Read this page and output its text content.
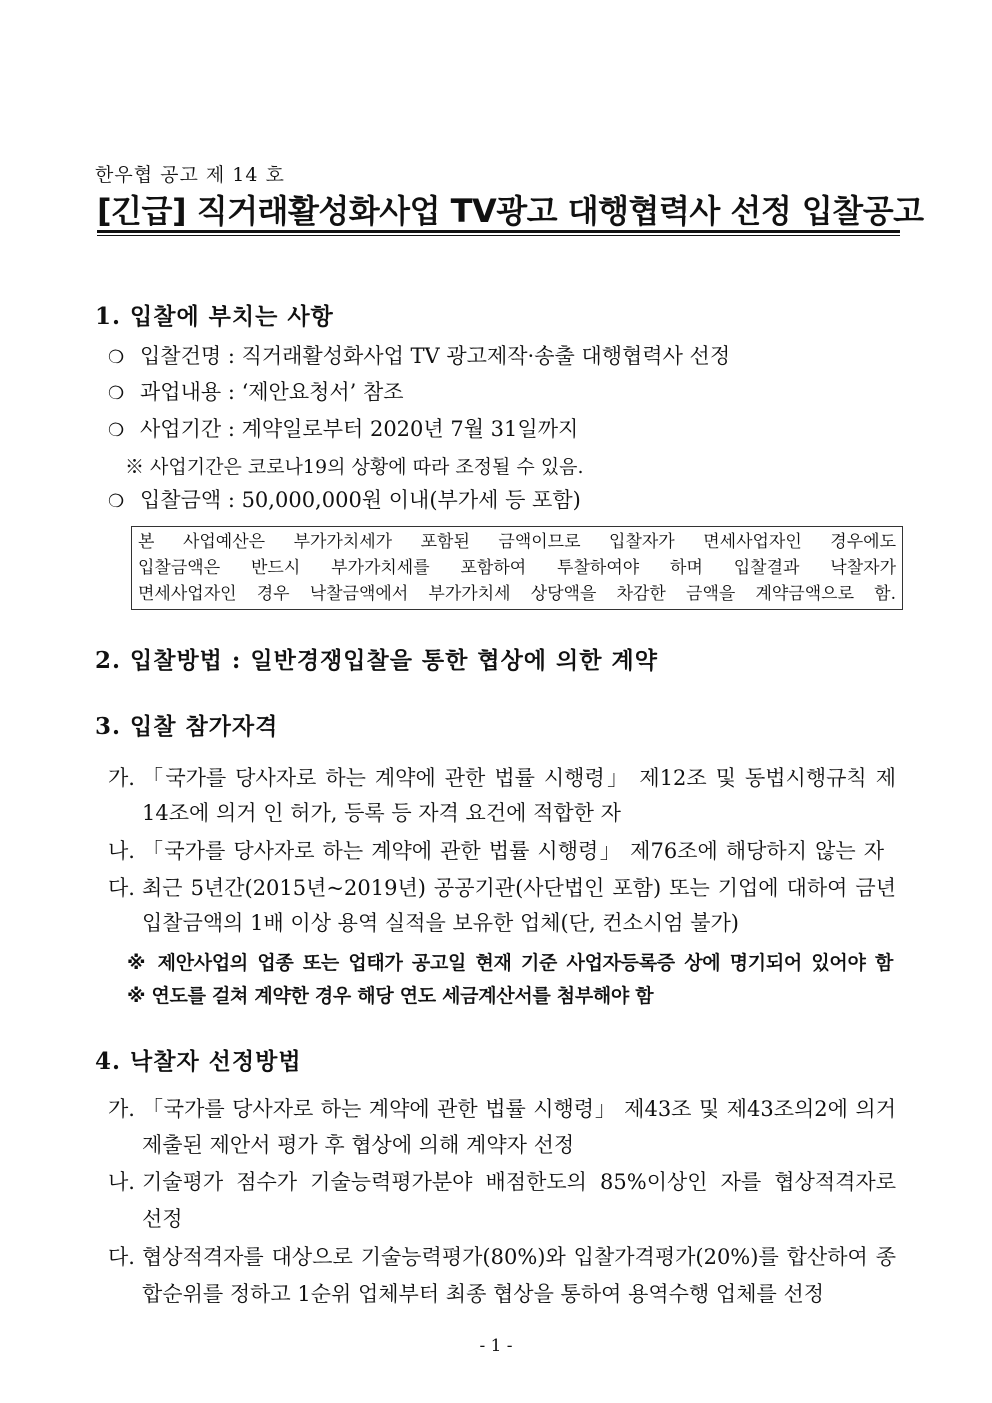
한우협 공고 제 14 호
[긴급] 직거래활성화사업 TV광고 대행협력사 선정 입찰공고
1. 입찰에 부치는 사항
❍ 입찰건명 : 직거래활성화사업 TV 광고제작·송출 대행협력사 선정
❍ 과업내용 : ‘제안요청서’ 참조
❍ 사업기간 : 계약일로부터 2020년 7월 31일까지
※ 사업기간은 코로나19의 상황에 따라 조정될 수 있음.
❍ 입찰금액 : 50,000,000원 이내(부가세 등 포함)
본 사업예산은 부가가치세가 포함된 금액이므로 입찰자가 면세사업자인 경우에도
입찰금액은 반드시 부가가치세를 포함하여 투찰하여야 하며 입찰결과 낙찰자가
면세사업자인 경우 낙찰금액에서 부가가치세 상당액을 차감한 금액을 계약금액으로 함.
2. 입찰방법 : 일반경쟁입찰을 통한 협상에 의한 계약
3. 입찰 참가자격
가. 「국가를 당사자로 하는 계약에 관한 법률 시행령」 제12조 및 동법시행규칙 제
14조에 의거 인 허가, 등록 등 자격 요건에 적합한 자
나. 「국가를 당사자로 하는 계약에 관한 법률 시행령」 제76조에 해당하지 않는 자
다. 최근 5년간(2015년~2019년) 공공기관(사단법인 포함) 또는 기업에 대하여 금년
입찰금액의 1배 이상 용역 실적을 보유한 업체(단, 컨소시엄 불가)
※ 제안사업의 업종 또는 업태가 공고일 현재 기준 사업자등록증 상에 명기되어 있어야 함
※ 연도를 걸쳐 계약한 경우 해당 연도 세금계산서를 첨부해야 함
4. 낙찰자 선정방법
가. 「국가를 당사자로 하는 계약에 관한 법률 시행령」 제43조 및 제43조의2에 의거
제출된 제안서 평가 후 협상에 의해 계약자 선정
나. 기술평가 점수가 기술능력평가분야 배점한도의 85%이상인 자를 협상적격자로
선정
다. 협상적격자를 대상으로 기술능력평가(80%)와 입찰가격평가(20%)를 합산하여 종
합순위를 정하고 1순위 업체부터 최종 협상을 통하여 용역수행 업체를 선정
- 1 -
